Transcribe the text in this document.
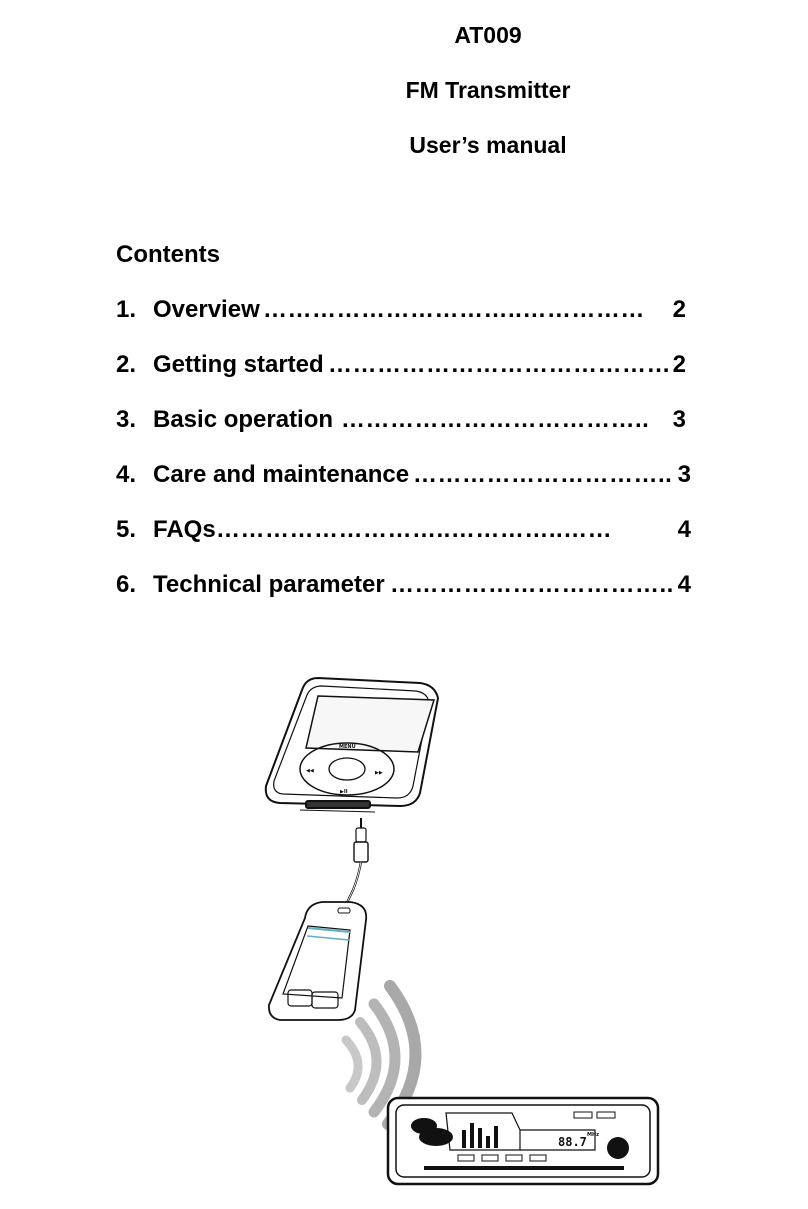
AT009
FM Transmitter
User’s manual
Contents
1. Overview …………………………..……………	2
2. Getting started …………………………………… 2
3. Basic operation ……………………………….. 3
4. Care and maintenance ………………………….. 3
5. FAQs ………………………..…………..……	4
6. Technical parameter …………………………….. 4
MENU
◀◀	▶▶
▶II
88.7 MHz
